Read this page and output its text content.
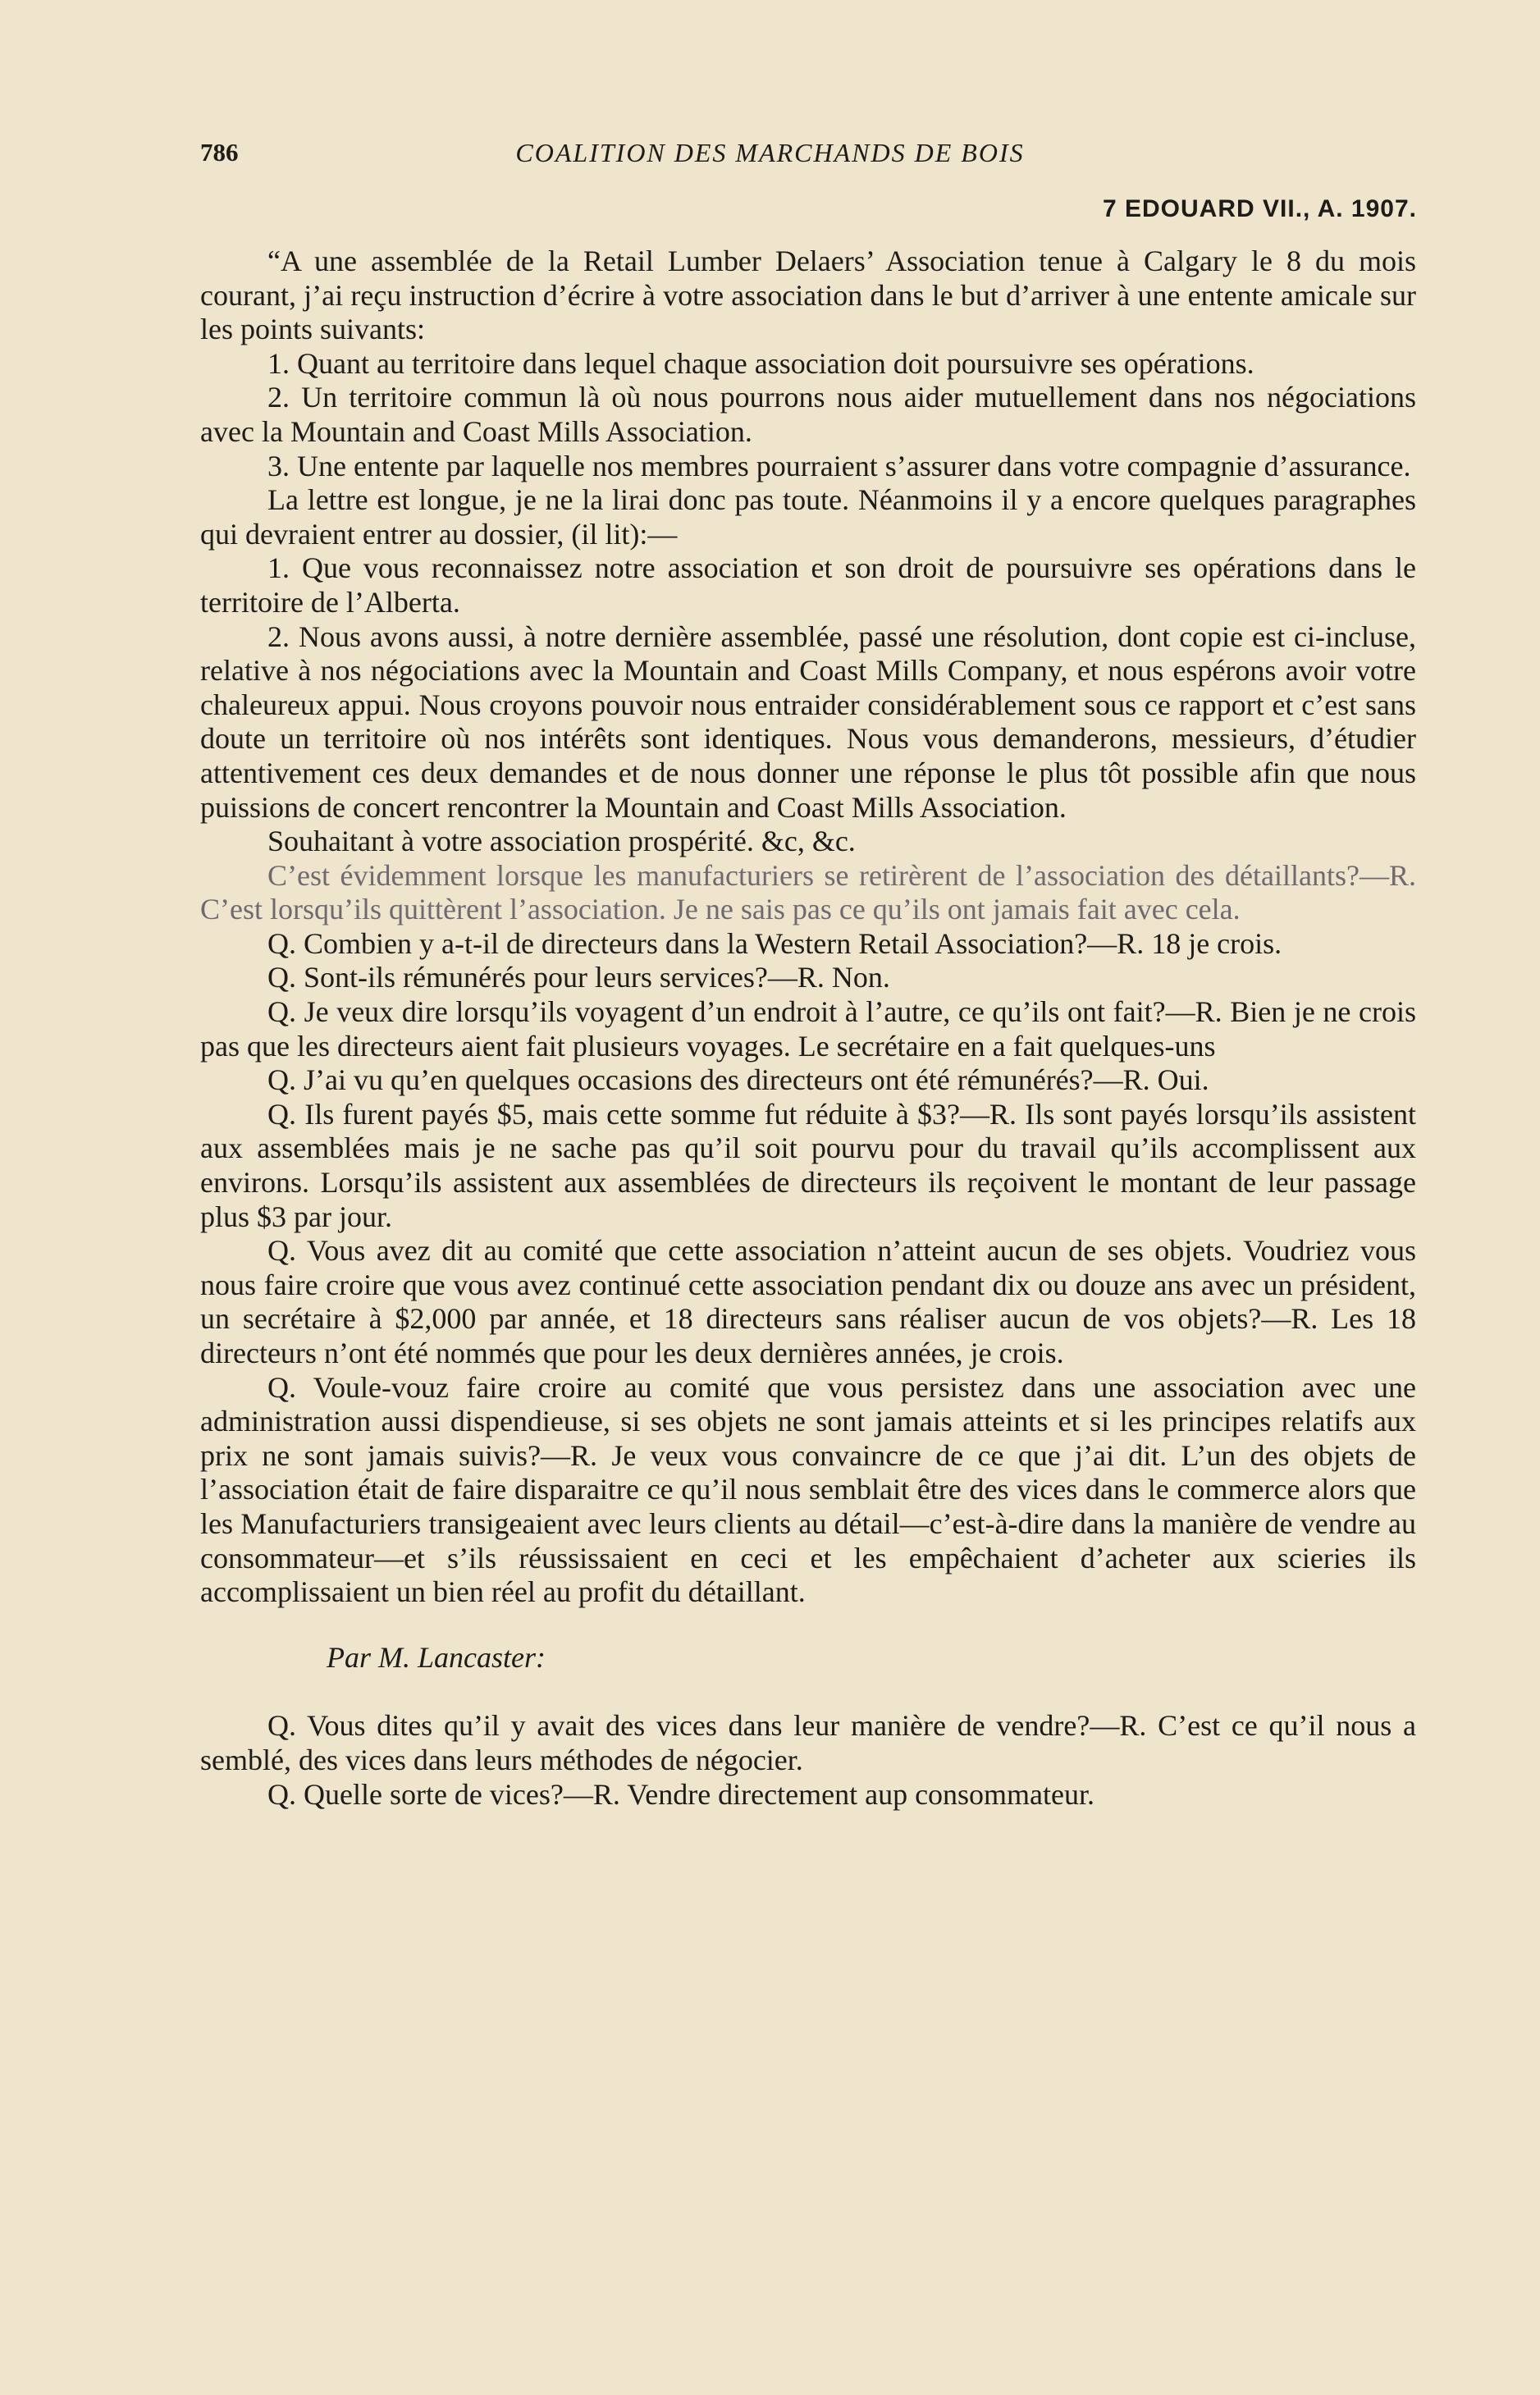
786	COALITION DES MARCHANDS DE BOIS
7 EDOUARD VII., A. 1907.

“A une assemblée de la Retail Lumber Delaers’ Association tenue à Calgary le 8 du mois courant, j’ai reçu instruction d’écrire à votre association dans le but d’arriver à une entente amicale sur les points suivants:

1. Quant au territoire dans lequel chaque association doit poursuivre ses opérations.

2. Un territoire commun là où nous pourrons nous aider mutuellement dans nos négociations avec la Mountain and Coast Mills Association.

3. Une entente par laquelle nos membres pourraient s’assurer dans votre compagnie d’assurance.

La lettre est longue, je ne la lirai donc pas toute. Néanmoins il y a encore quelques paragraphes qui devraient entrer au dossier, (il lit):—

1. Que vous reconnaissez notre association et son droit de poursuivre ses opérations dans le territoire de l’Alberta.

2. Nous avons aussi, à notre dernière assemblée, passé une résolution, dont copie est ci-incluse, relative à nos négociations avec la Mountain and Coast Mills Company, et nous espérons avoir votre chaleureux appui. Nous croyons pouvoir nous entraider considérablement sous ce rapport et c’est sans doute un territoire où nos intérêts sont identiques. Nous vous demanderons, messieurs, d’étudier attentivement ces deux demandes et de nous donner une réponse le plus tôt possible afin que nous puissions de concert rencontrer la Mountain and Coast Mills Association.

Souhaitant à votre association prospérité. &c, &c.

C’est évidemment lorsque les manufacturiers se retirèrent de l’association des détaillants?—R. C’est lorsqu’ils quittèrent l’association. Je ne sais pas ce qu’ils ont jamais fait avec cela.

Q. Combien y a-t-il de directeurs dans la Western Retail Association?—R. 18 je crois.

Q. Sont-ils rémunérés pour leurs services?—R. Non.

Q. Je veux dire lorsqu’ils voyagent d’un endroit à l’autre, ce qu’ils ont fait?—R. Bien je ne crois pas que les directeurs aient fait plusieurs voyages. Le secrétaire en a fait quelques-uns

Q. J’ai vu qu’en quelques occasions des directeurs ont été rémunérés?—R. Oui.

Q. Ils furent payés $5, mais cette somme fut réduite à $3?—R. Ils sont payés lorsqu’ils assistent aux assemblées mais je ne sache pas qu’il soit pourvu pour du travail qu’ils accomplissent aux environs. Lorsqu’ils assistent aux assemblées de directeurs ils reçoivent le montant de leur passage plus $3 par jour.

Q. Vous avez dit au comité que cette association n’atteint aucun de ses objets. Voudriez vous nous faire croire que vous avez continué cette association pendant dix ou douze ans avec un président, un secrétaire à $2,000 par année, et 18 directeurs sans réaliser aucun de vos objets?—R. Les 18 directeurs n’ont été nommés que pour les deux dernières années, je crois.

Q. Voule-vouz faire croire au comité que vous persistez dans une association avec une administration aussi dispendieuse, si ses objets ne sont jamais atteints et si les principes relatifs aux prix ne sont jamais suivis?—R. Je veux vous convaincre de ce que j’ai dit. L’un des objets de l’association était de faire disparaitre ce qu’il nous semblait être des vices dans le commerce alors que les Manufacturiers transigeaient avec leurs clients au détail—c’est-à-dire dans la manière de vendre au consommateur—et s’ils réussissaient en ceci et les empêchaient d’acheter aux scieries ils accomplissaient un bien réel au profit du détaillant.

Par M. Lancaster:

Q. Vous dites qu’il y avait des vices dans leur manière de vendre?—R. C’est ce qu’il nous a semblé, des vices dans leurs méthodes de négocier.

Q. Quelle sorte de vices?—R. Vendre directement aup consommateur.
